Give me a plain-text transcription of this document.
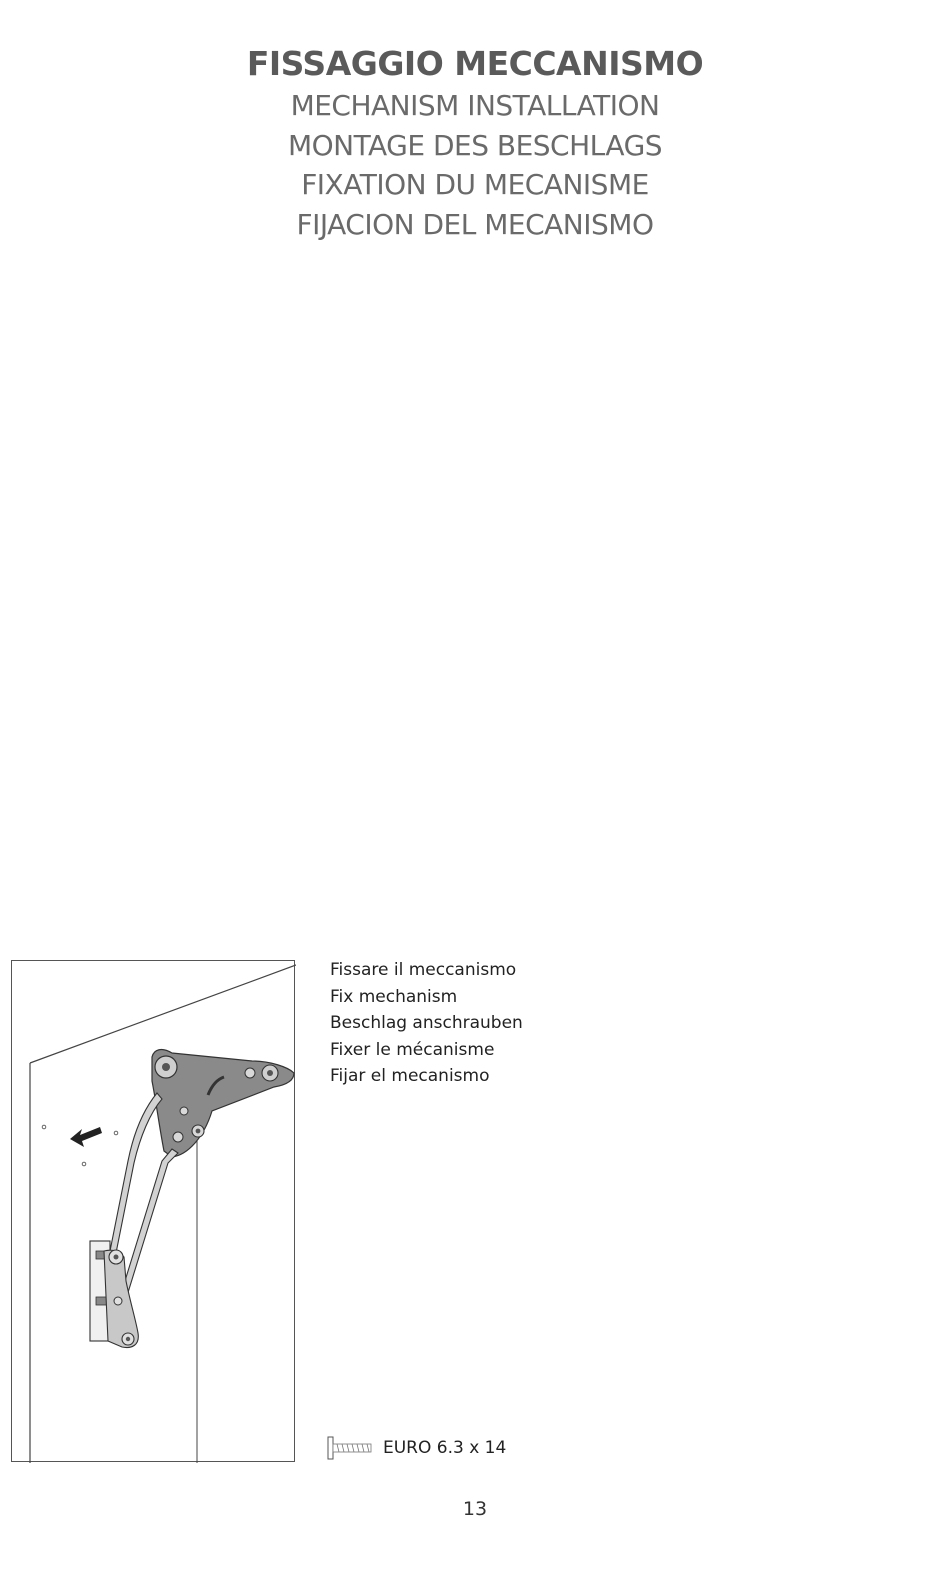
FISSAGGIO MECCANISMO

MECHANISM INSTALLATION

MONTAGE DES BESCHLAGS

FIXATION DU MECANISME

FIJACION DEL MECANISMO

Fissare il meccanismo
Fix mechanism
Beschlag anschrauben
Fixer le mécanisme
Fijar el mecanismo
EURO 6.3 x 14
13
